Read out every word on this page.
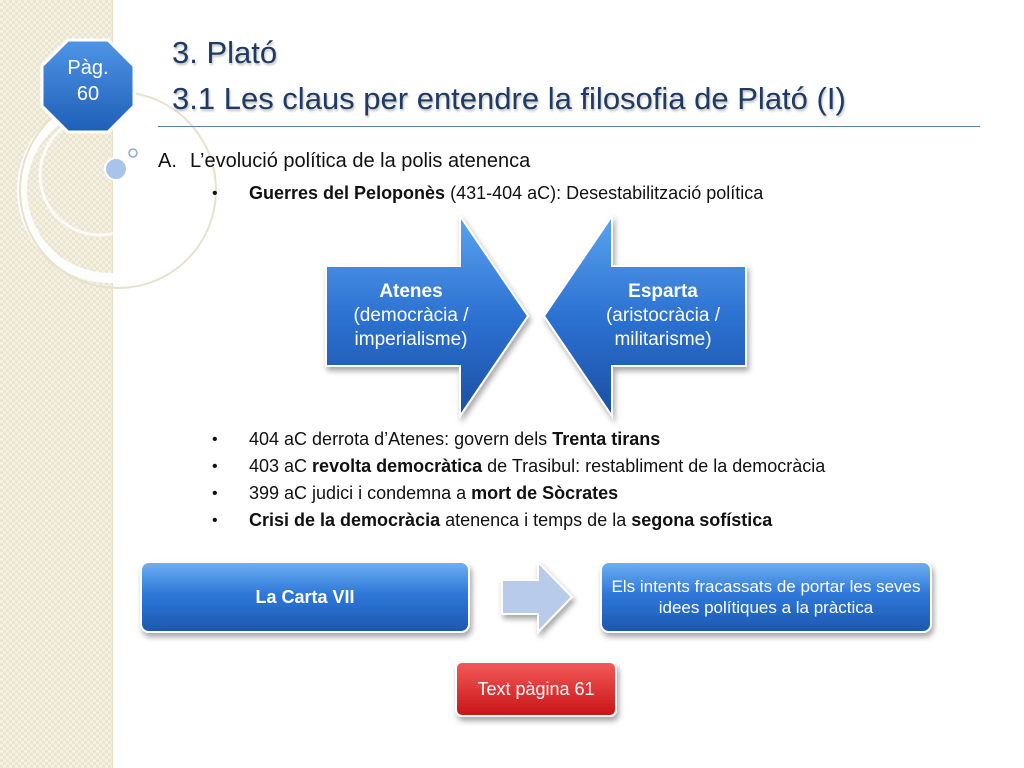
Pàg.
60
3. Plató
3.1 Les claus per entendre la filosofia de Plató (I)
A. L’evolució política de la polis atenenca
• Guerres del Peloponès (431-404 aC): Desestabilització política
Atenes
(democràcia /
imperialisme)
Esparta
(aristocràcia /
militarisme)
• 404 aC derrota d’Atenes: govern dels Trenta tirans
• 403 aC revolta democràtica de Trasibul: restabliment de la democràcia
• 399 aC judici i condemna a mort de Sòcrates
• Crisi de la democràcia atenenca i temps de la segona sofística
La Carta VII	Els intents fracassats de portar les seves idees polítiques a la pràctica
Text pàgina 61
